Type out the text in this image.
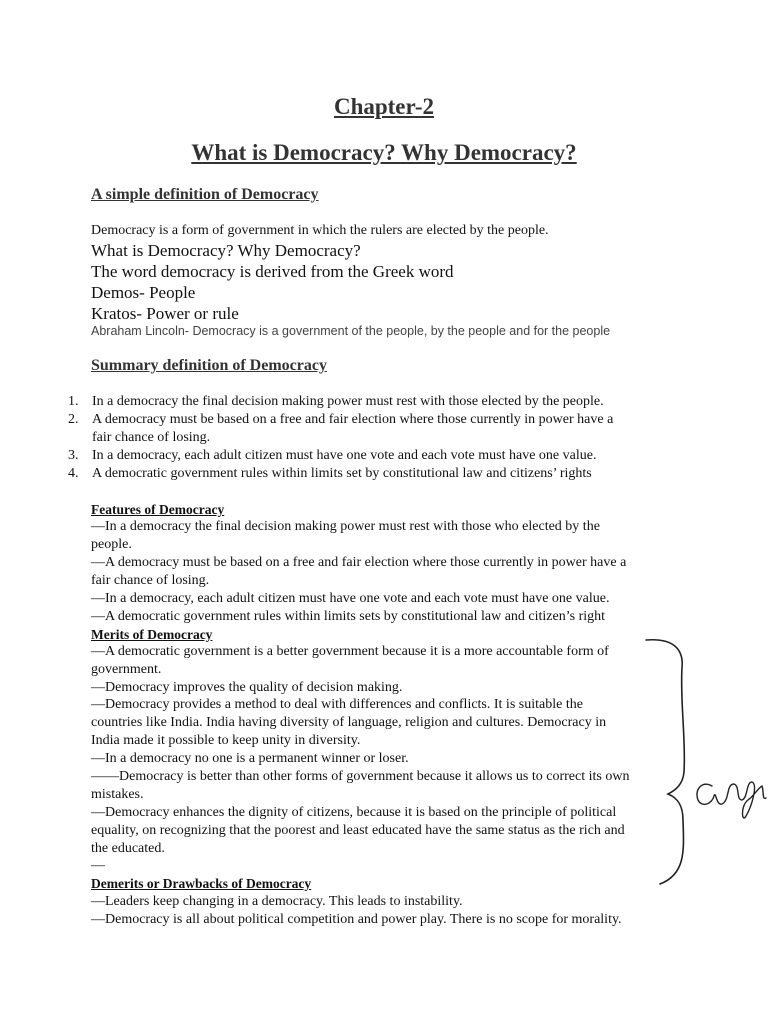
Chapter-2
What is Democracy? Why Democracy?
A simple definition of Democracy
Democracy is a form of government in which the rulers are elected by the people.
What is Democracy? Why Democracy?
The word democracy is derived from the Greek word
Demos- People
Kratos- Power or rule
Abraham Lincoln- Democracy is a government of the people, by the people and for the people
Summary definition of Democracy
1. In a democracy the final decision making power must rest with those elected by the people.
2. A democracy must be based on a free and fair election where those currently in power have a
fair chance of losing.
3. In a democracy, each adult citizen must have one vote and each vote must have one value.
4. A democratic government rules within limits set by constitutional law and citizens’ rights
Features of Democracy
—In a democracy the final decision making power must rest with those who elected by the
people.
—A democracy must be based on a free and fair election where those currently in power have a
fair chance of losing.
—In a democracy, each adult citizen must have one vote and each vote must have one value.
—A democratic government rules within limits sets by constitutional law and citizen’s right
Merits of Democracy
—A democratic government is a better government because it is a more accountable form of
government.
—Democracy improves the quality of decision making.
—Democracy provides a method to deal with differences and conflicts. It is suitable the
countries like India. India having diversity of language, religion and cultures. Democracy in
India made it possible to keep unity in diversity.
—In a democracy no one is a permanent winner or loser.
——Democracy is better than other forms of government because it allows us to correct its own
mistakes.
—Democracy enhances the dignity of citizens, because it is based on the principle of political
equality, on recognizing that the poorest and least educated have the same status as the rich and
the educated.
—
Demerits or Drawbacks of Democracy
—Leaders keep changing in a democracy. This leads to instability.
—Democracy is all about political competition and power play. There is no scope for morality.
